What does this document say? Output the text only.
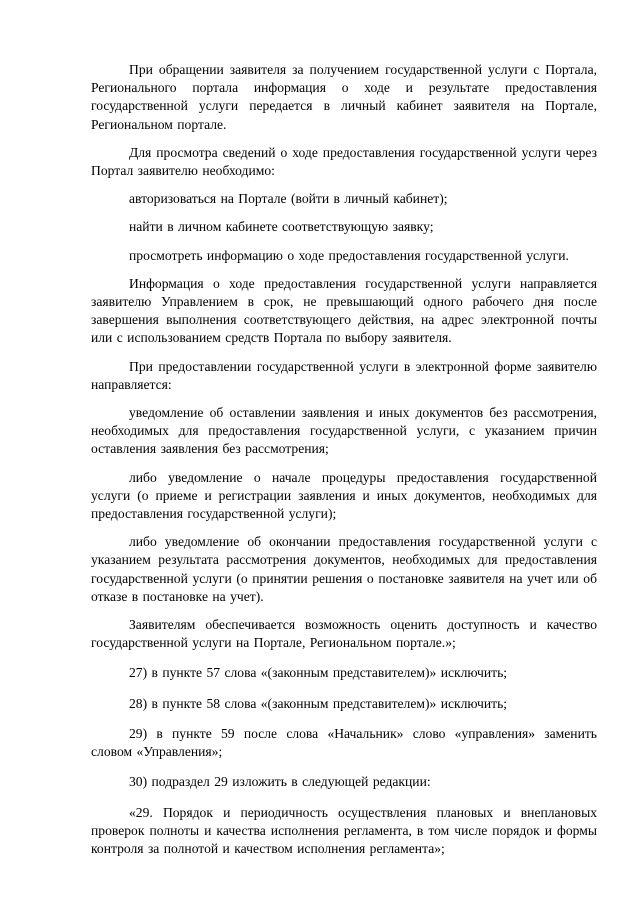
При обращении заявителя за получением государственной услуги с Портала, Регионального портала информация о ходе и результате предоставления государственной услуги передается в личный кабинет заявителя на Портале, Региональном портале.

Для просмотра сведений о ходе предоставления государственной услуги через Портал заявителю необходимо:

авторизоваться на Портале (войти в личный кабинет);

найти в личном кабинете соответствующую заявку;

просмотреть информацию о ходе предоставления государственной услуги.

Информация о ходе предоставления государственной услуги направляется заявителю Управлением в срок, не превышающий одного рабочего дня после завершения выполнения соответствующего действия, на адрес электронной почты или с использованием средств Портала по выбору заявителя.

При предоставлении государственной услуги в электронной форме заявителю направляется:

уведомление об оставлении заявления и иных документов без рассмотрения, необходимых для предоставления государственной услуги, с указанием причин оставления заявления без рассмотрения;

либо уведомление о начале процедуры предоставления государственной услуги (о приеме и регистрации заявления и иных документов, необходимых для предоставления государственной услуги);

либо уведомление об окончании предоставления государственной услуги с указанием результата рассмотрения документов, необходимых для предоставления государственной услуги (о принятии решения о постановке заявителя на учет или об отказе в постановке на учет).

Заявителям обеспечивается возможность оценить доступность и качество государственной услуги на Портале, Региональном портале.»;

27) в пункте 57 слова «(законным представителем)» исключить;

28) в пункте 58 слова «(законным представителем)» исключить;

29) в пункте 59 после слова «Начальник» слово «управления» заменить словом «Управления»;

30) подраздел 29 изложить в следующей редакции:

«29. Порядок и периодичность осуществления плановых и внеплановых проверок полноты и качества исполнения регламента, в том числе порядок и формы контроля за полнотой и качеством исполнения регламента»;
